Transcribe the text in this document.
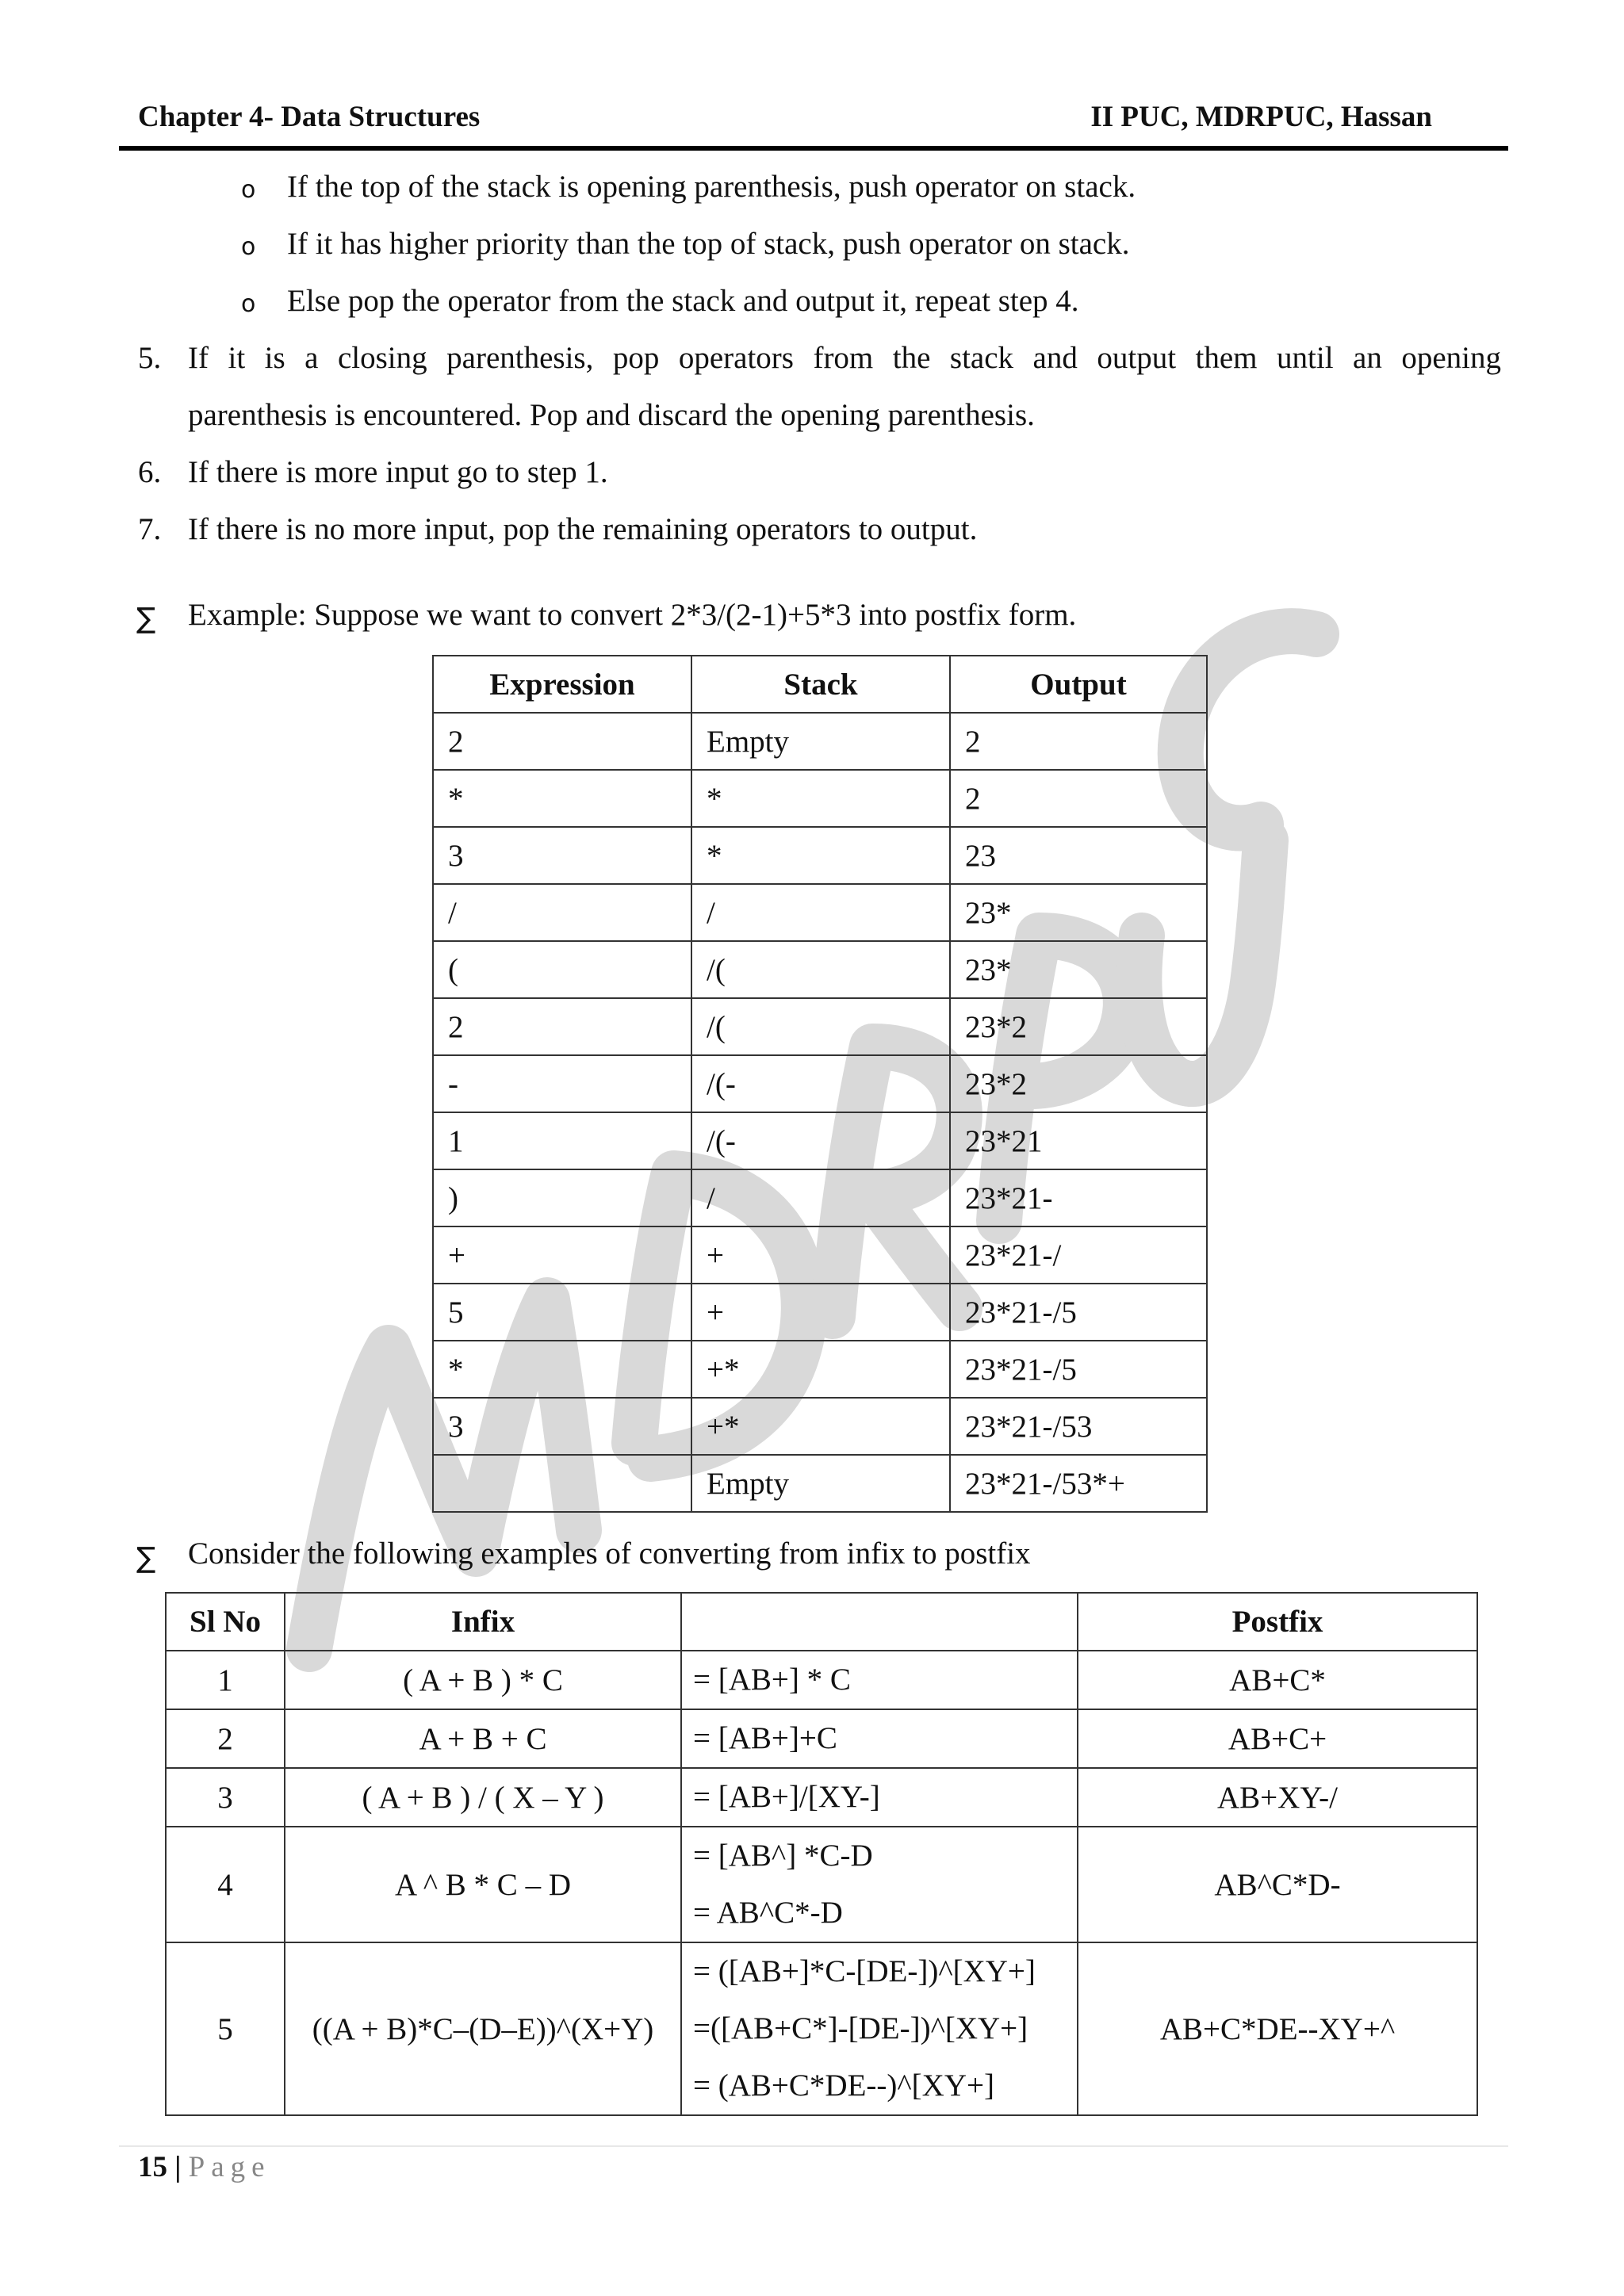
Chapter 4- Data Structures	II PUC, MDRPUC, Hassan
o If the top of the stack is opening parenthesis, push operator on stack.
o If it has higher priority than the top of stack, push operator on stack.
o Else pop the operator from the stack and output it, repeat step 4.
5. If it is a closing parenthesis, pop operators from the stack and output them until an opening
parenthesis is encountered. Pop and discard the opening parenthesis.
6. If there is more input go to step 1.
7. If there is no more input, pop the remaining operators to output.
∑ Example: Suppose we want to convert 2*3/(2-1)+5*3 into postfix form.
Expression	Stack	Output
2	Empty	2
*	*	2
3	*	23
/	/	23*
(	/(	23*
2	/(	23*2
-	/(-	23*2
1	/(-	23*21
)	/	23*21-
+	+	23*21-/
5	+	23*21-/5
*	+*	23*21-/5
3	+*	23*21-/53
	Empty	23*21-/53*+
∑ Consider the following examples of converting from infix to postfix
Sl No	Infix		Postfix
1	( A + B ) * C	= [AB+] * C	AB+C*
2	A + B + C	= [AB+]+C	AB+C+
3	( A + B ) / ( X – Y )	= [AB+]/[XY-]	AB+XY-/
4	A ^ B * C – D	= [AB^] *C-D
= AB^C*-D	AB^C*D-
5	((A + B)*C–(D–E))^(X+Y)	= ([AB+]*C-[DE-])^[XY+]
=([AB+C*]-[DE-])^[XY+]
= (AB+C*DE--)^[XY+]	AB+C*DE--XY+^
15 | Page
